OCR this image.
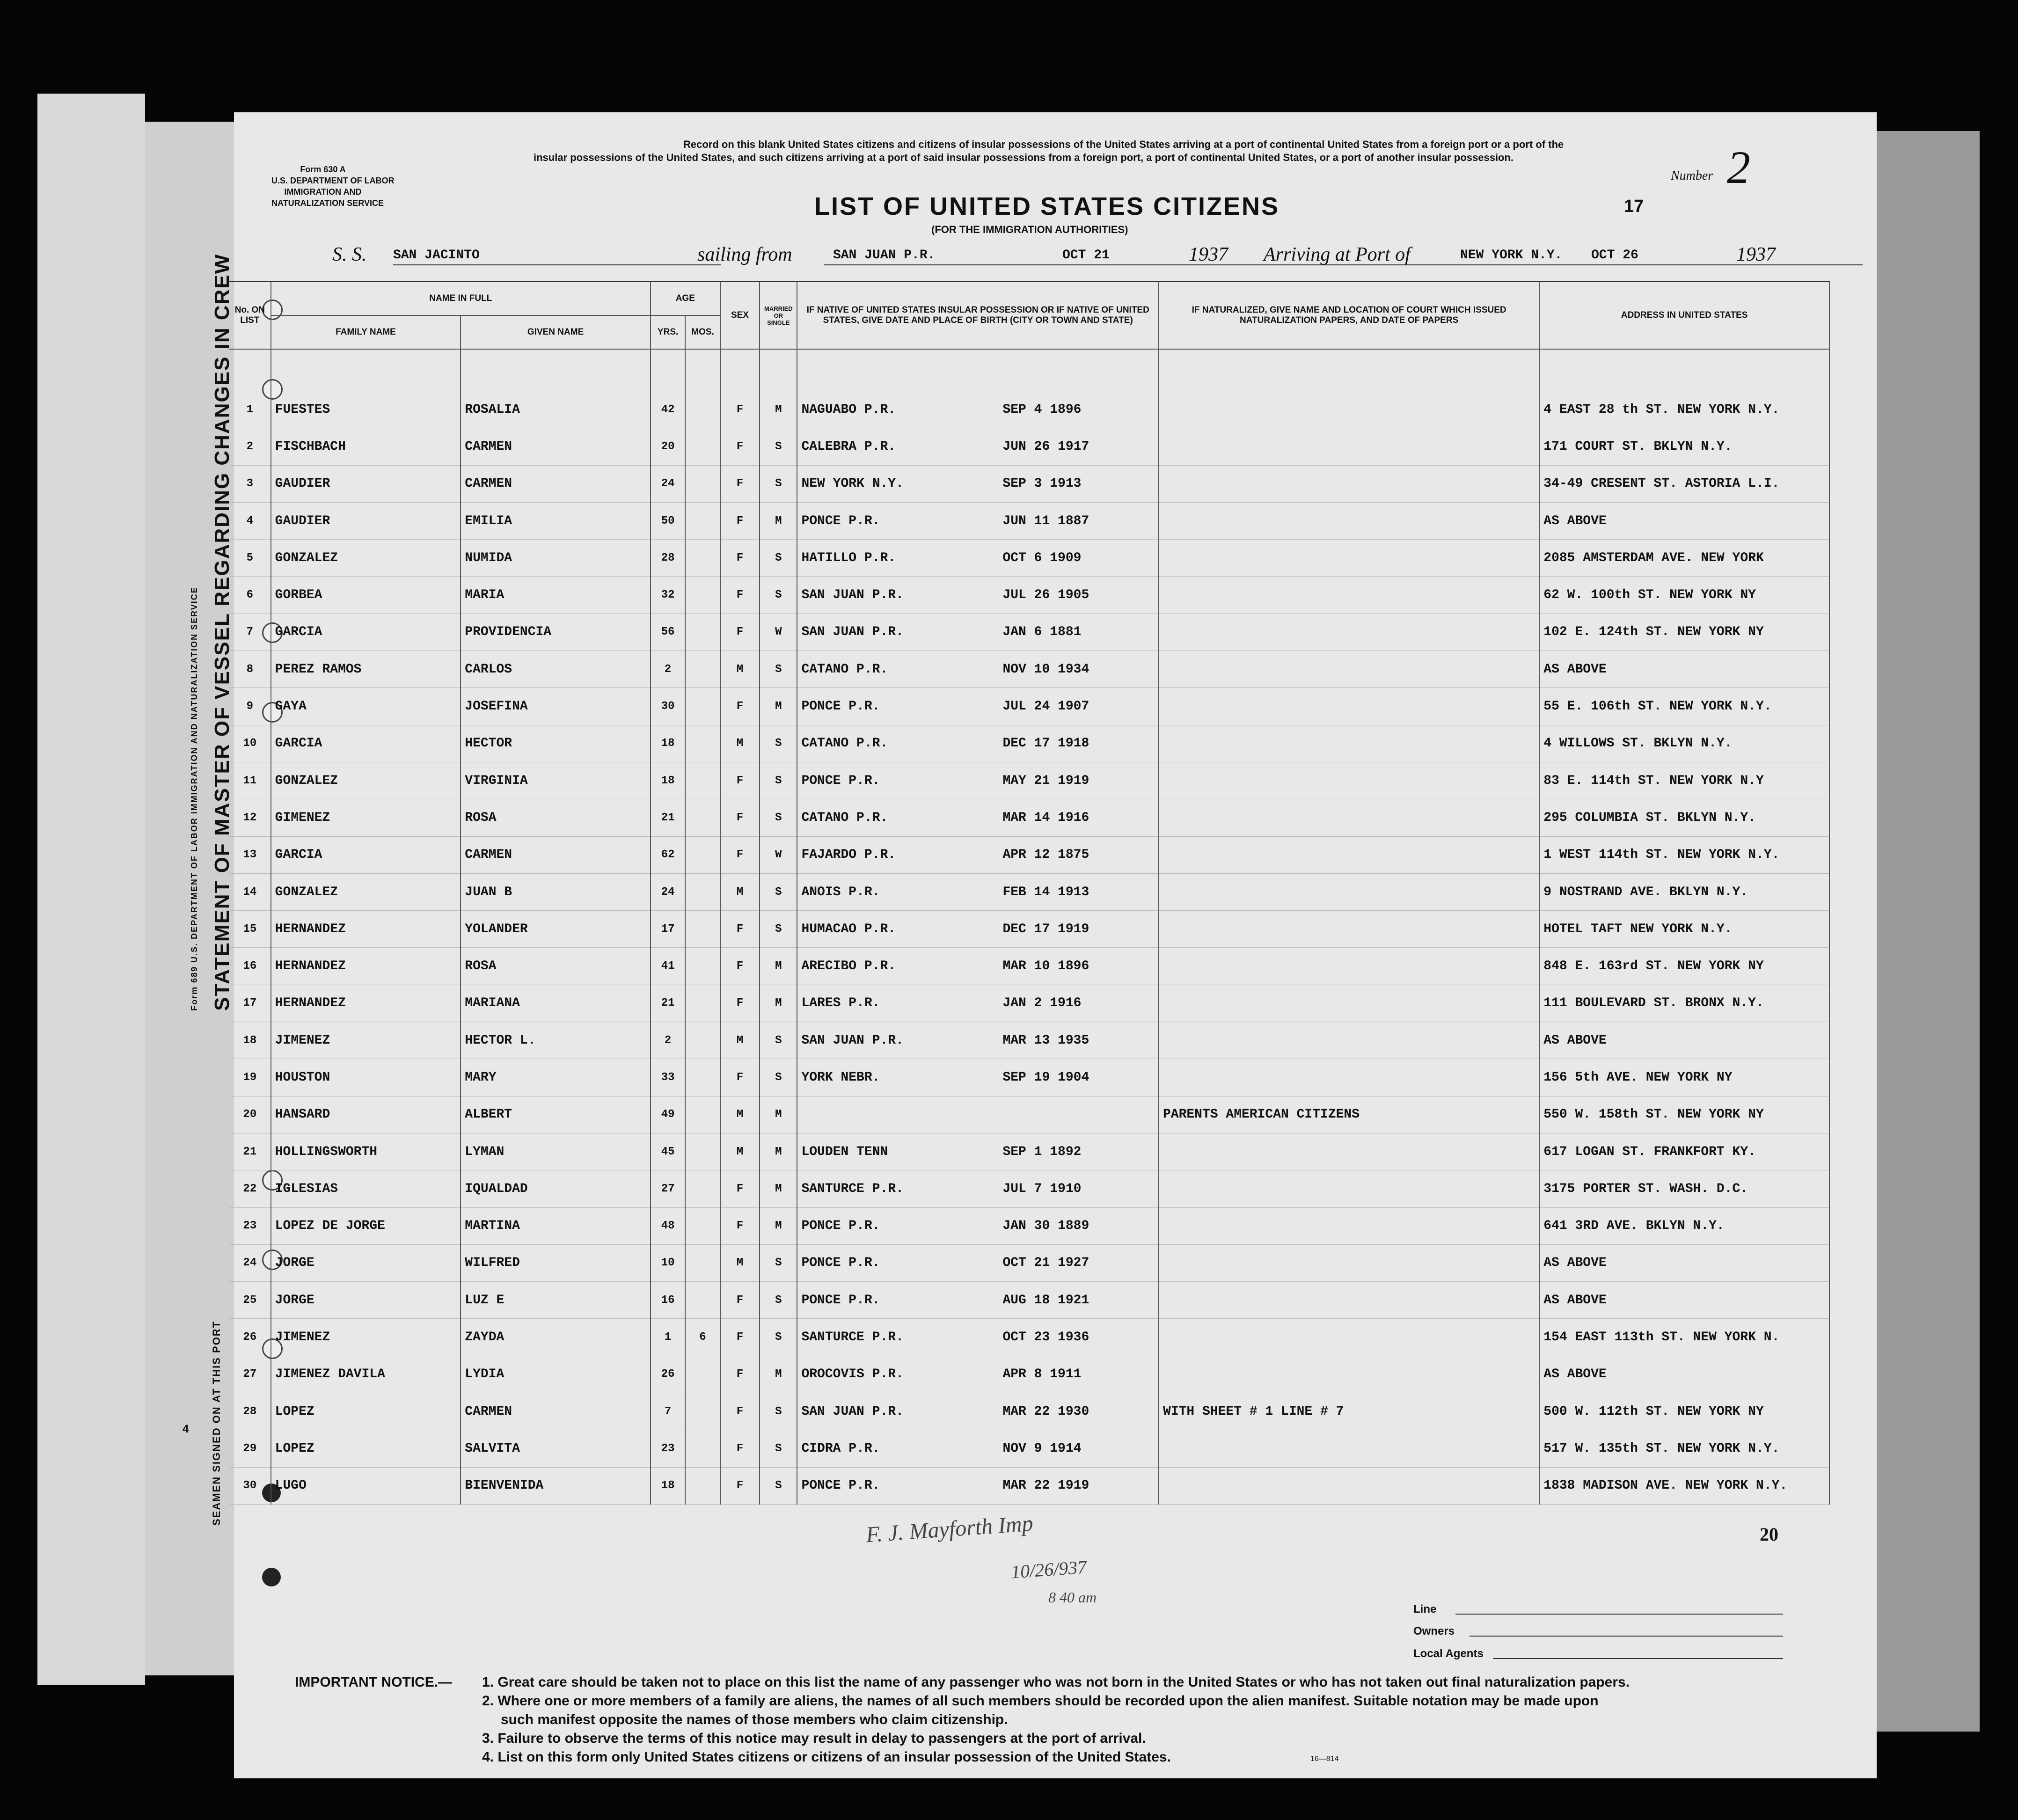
STATEMENT OF MASTER OF VESSEL REGARDING CHANGES IN CREW
Form 689 U.S. DEPARTMENT OF LABOR IMMIGRATION AND NATURALIZATION SERVICE
SEAMEN SIGNED ON AT THIS PORT
4
Form 630 A
U.S. DEPARTMENT OF LABOR
IMMIGRATION AND
NATURALIZATION SERVICE
Record on this blank United States citizens and citizens of insular possessions of the United States arriving at a port of continental United States from a foreign port or a port of the insular possessions of the United States, and such citizens arriving at a port of said insular possessions from a foreign port, a port of continental United States, or a port of another insular possession.
Number 2
17
LIST OF UNITED STATES CITIZENS
(FOR THE IMMIGRATION AUTHORITIES)
S. S. SAN JACINTO	sailing from	SAN JUAN P.R.	OCT 21	1937 Arriving at Port of	NEW YORK N.Y. OCT 26	1937
No. ON LIST	NAME IN FULL		AGE		SEX	MARRIED OR SINGLE	IF NATIVE OF UNITED STATES INSULAR POSSESSION OR IF NATIVE OF UNITED STATES, GIVE DATE AND PLACE OF BIRTH (CITY OR TOWN AND STATE)	IF NATURALIZED, GIVE NAME AND LOCATION OF COURT WHICH ISSUED NATURALIZATION PAPERS, AND DATE OF PAPERS	ADDRESS IN UNITED STATES
	FAMILY NAME	GIVEN NAME	YRS.	MOS.					

1	FUESTES	ROSALIA	42		F	M	NAGUABO P.R. SEP 4 1896		4 EAST 28 th ST. NEW YORK N.Y.
2	FISCHBACH	CARMEN	20		F	S	CALEBRA P.R. JUN 26 1917		171 COURT ST. BKLYN N.Y.
3	GAUDIER	CARMEN	24		F	S	NEW YORK N.Y. SEP 3 1913		34-49 CRESENT ST. ASTORIA L.I.
4	GAUDIER	EMILIA	50		F	M	PONCE P.R. JUN 11 1887		AS ABOVE
5	GONZALEZ	NUMIDA	28		F	S	HATILLO P.R. OCT 6 1909		2085 AMSTERDAM AVE. NEW YORK
6	GORBEA	MARIA	32		F	S	SAN JUAN P.R. JUL 26 1905		62 W. 100th ST. NEW YORK NY
7	GARCIA	PROVIDENCIA	56		F	W	SAN JUAN P.R. JAN 6 1881		102 E. 124th ST. NEW YORK NY
8	PEREZ RAMOS	CARLOS	2		M	S	CATANO P.R. NOV 10 1934		AS ABOVE
9	GAYA	JOSEFINA	30		F	M	PONCE P.R. JUL 24 1907		55 E. 106th ST. NEW YORK N.Y.
10	GARCIA	HECTOR	18		M	S	CATANO P.R. DEC 17 1918		4 WILLOWS ST. BKLYN N.Y.
11	GONZALEZ	VIRGINIA	18		F	S	PONCE P.R. MAY 21 1919		83 E. 114th ST. NEW YORK N.Y
12	GIMENEZ	ROSA	21		F	S	CATANO P.R. MAR 14 1916		295 COLUMBIA ST. BKLYN N.Y.
13	GARCIA	CARMEN	62		F	W	FAJARDO P.R. APR 12 1875		1 WEST 114th ST. NEW YORK N.Y.
14	GONZALEZ	JUAN B	24		M	S	ANOIS P.R. FEB 14 1913		9 NOSTRAND AVE. BKLYN N.Y.
15	HERNANDEZ	YOLANDER	17		F	S	HUMACAO P.R. DEC 17 1919		HOTEL TAFT NEW YORK N.Y.
16	HERNANDEZ	ROSA	41		F	M	ARECIBO P.R. MAR 10 1896		848 E. 163rd ST. NEW YORK NY
17	HERNANDEZ	MARIANA	21		F	M	LARES P.R. JAN 2 1916		111 BOULEVARD ST. BRONX N.Y.
18	JIMENEZ	HECTOR L.	2		M	S	SAN JUAN P.R. MAR 13 1935		AS ABOVE
19	HOUSTON	MARY	33		F	S	YORK NEBR. SEP 19 1904		156 5th AVE. NEW YORK NY
20	HANSARD	ALBERT	49		M	M		PARENTS AMERICAN CITIZENS	550 W. 158th ST. NEW YORK NY
21	HOLLINGSWORTH	LYMAN	45		M	M	LOUDEN TENN SEP 1 1892		617 LOGAN ST. FRANKFORT KY.
22	IGLESIAS	IQUALDAD	27		F	M	SANTURCE P.R. JUL 7 1910		3175 PORTER ST. WASH. D.C.
23	LOPEZ DE JORGE	MARTINA	48		F	M	PONCE P.R. JAN 30 1889		641 3RD AVE. BKLYN N.Y.
24	JORGE	WILFRED	10		M	S	PONCE P.R. OCT 21 1927		AS ABOVE
25	JORGE	LUZ E	16		F	S	PONCE P.R. AUG 18 1921		AS ABOVE
26	JIMENEZ	ZAYDA	1	6	F	S	SANTURCE P.R. OCT 23 1936		154 EAST 113th ST. NEW YORK N.
27	JIMENEZ DAVILA	LYDIA	26		F	M	OROCOVIS P.R. APR 8 1911		AS ABOVE
28	LOPEZ	CARMEN	7		F	S	SAN JUAN P.R. MAR 22 1930	WITH SHEET # 1 LINE # 7	500 W. 112th ST. NEW YORK NY
29	LOPEZ	SALVITA	23		F	S	CIDRA P.R. NOV 9 1914		517 W. 135th ST. NEW YORK N.Y.
30	LUGO	BIENVENIDA	18		F	S	PONCE P.R. MAR 22 1919		1838 MADISON AVE. NEW YORK N.Y.
20
F. J. Mayforth Imp
10/26/937
8 40 am
Line
Owners
Local Agents
IMPORTANT NOTICE.— 1. Great care should be taken not to place on this list the name of any passenger who was not born in the United States or who has not taken out final naturalization papers.
2. Where one or more members of a family are aliens, the names of all such members should be recorded upon the alien manifest. Suitable notation may be made upon
such manifest opposite the names of those members who claim citizenship.
3. Failure to observe the terms of this notice may result in delay to passengers at the port of arrival.
4. List on this form only United States citizens or citizens of an insular possession of the United States.	16—814
